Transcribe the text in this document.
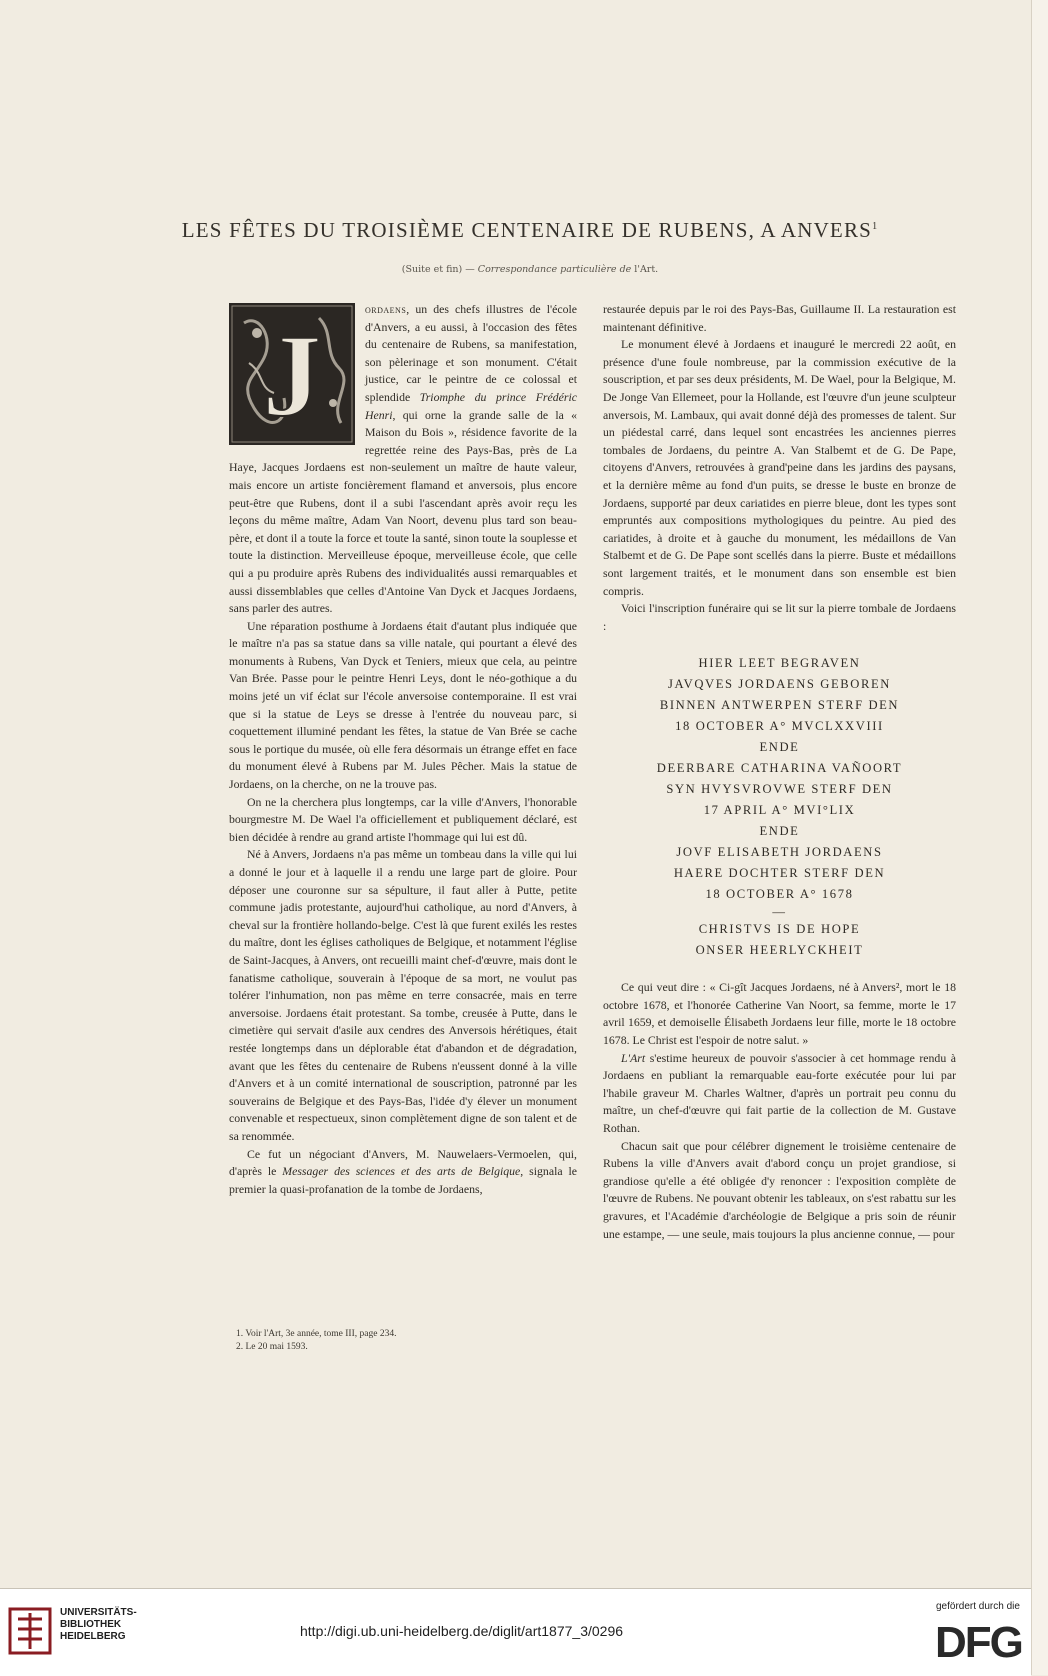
LES FÊTES DU TROISIÈME CENTENAIRE DE RUBENS, A ANVERS$^1$
(Suite et fin) — Correspondance particulière de l'Art.
J

ordaens, un des chefs illustres de l'école d'Anvers, a eu aussi, à l'occasion des fêtes du centenaire de Rubens, sa manifestation, son pèlerinage et son monument. C'était justice, car le peintre de ce colossal et splendide Triomphe du prince Frédéric Henri, qui orne la grande salle de la « Maison du Bois », résidence favorite de la regrettée reine des Pays-Bas, près de La Haye, Jacques Jordaens est non-seulement un maître de haute valeur, mais encore un artiste foncièrement flamand et anversois, plus encore peut-être que Rubens, dont il a subi l'ascendant après avoir reçu les leçons du même maître, Adam Van Noort, devenu plus tard son beau-père, et dont il a toute la force et toute la santé, sinon toute la souplesse et toute la distinction. Merveilleuse époque, merveilleuse école, que celle qui a pu produire après Rubens des individualités aussi remarquables et aussi dissemblables que celles d'Antoine Van Dyck et Jacques Jordaens, sans parler des autres.

Une réparation posthume à Jordaens était d'autant plus indiquée que le maître n'a pas sa statue dans sa ville natale, qui pourtant a élevé des monuments à Rubens, Van Dyck et Teniers, mieux que cela, au peintre Van Brée. Passe pour le peintre Henri Leys, dont le néo-gothique a du moins jeté un vif éclat sur l'école anversoise contemporaine. Il est vrai que si la statue de Leys se dresse à l'entrée du nouveau parc, si coquettement illuminé pendant les fêtes, la statue de Van Brée se cache sous le portique du musée, où elle fera désormais un étrange effet en face du monument élevé à Rubens par M. Jules Pêcher. Mais la statue de Jordaens, on la cherche, on ne la trouve pas.

On ne la cherchera plus longtemps, car la ville d'Anvers, l'honorable bourgmestre M. De Wael l'a officiellement et publiquement déclaré, est bien décidée à rendre au grand artiste l'hommage qui lui est dû.

Né à Anvers, Jordaens n'a pas même un tombeau dans la ville qui lui a donné le jour et à laquelle il a rendu une large part de gloire. Pour déposer une couronne sur sa sépulture, il faut aller à Putte, petite commune jadis protestante, aujourd'hui catholique, au nord d'Anvers, à cheval sur la frontière hollando-belge. C'est là que furent exilés les restes du maître, dont les églises catholiques de Belgique, et notamment l'église de Saint-Jacques, à Anvers, ont recueilli maint chef-d'œuvre, mais dont le fanatisme catholique, souverain à l'époque de sa mort, ne voulut pas tolérer l'inhumation, non pas même en terre consacrée, mais en terre anversoise. Jordaens était protestant. Sa tombe, creusée à Putte, dans le cimetière qui servait d'asile aux cendres des Anversois hérétiques, était restée longtemps dans un déplorable état d'abandon et de dégradation, avant que les fêtes du centenaire de Rubens n'eussent donné à la ville d'Anvers et à un comité international de souscription, patronné par les souverains de Belgique et des Pays-Bas, l'idée d'y élever un monument convenable et respectueux, sinon complètement digne de son talent et de sa renommée.

Ce fut un négociant d'Anvers, M. Nauwelaers-Vermoelen, qui, d'après le Messager des sciences et des arts de Belgique, signala le premier la quasi-profanation de la tombe de Jordaens,

restaurée depuis par le roi des Pays-Bas, Guillaume II. La restauration est maintenant définitive.

Le monument élevé à Jordaens et inauguré le mercredi 22 août, en présence d'une foule nombreuse, par la commission exécutive de la souscription, et par ses deux présidents, M. De Wael, pour la Belgique, M. De Jonge Van Ellemeet, pour la Hollande, est l'œuvre d'un jeune sculpteur anversois, M. Lambaux, qui avait donné déjà des promesses de talent. Sur un piédestal carré, dans lequel sont encastrées les anciennes pierres tombales de Jordaens, du peintre A. Van Stalbemt et de G. De Pape, citoyens d'Anvers, retrouvées à grand'peine dans les jardins des paysans, et la dernière même au fond d'un puits, se dresse le buste en bronze de Jordaens, supporté par deux cariatides en pierre bleue, dont les types sont empruntés aux compositions mythologiques du peintre. Au pied des cariatides, à droite et à gauche du monument, les médaillons de Van Stalbemt et de G. De Pape sont scellés dans la pierre. Buste et médaillons sont largement traités, et le monument dans son ensemble est bien compris.

Voici l'inscription funéraire qui se lit sur la pierre tombale de Jordaens :

HIER LEET BEGRAVEN
JAVQVES JORDAENS GEBOREN
BINNEN ANTWERPEN STERF DEN
18 OCTOBER A° MVCLXXVIII
ENDE
DEERBARE CATHARINA VAÑOORT
SYN HVYSVROVWE STERF DEN
17 APRIL A° MVI°LIX
ENDE
JOVF ELISABETH JORDAENS
HAERE DOCHTER STERF DEN
18 OCTOBER A° 1678
—
CHRISTVS IS DE HOPE
ONSER HEERLYCKHEIT

Ce qui veut dire : « Ci-gît Jacques Jordaens, né à Anvers², mort le 18 octobre 1678, et l'honorée Catherine Van Noort, sa femme, morte le 17 avril 1659, et demoiselle Élisabeth Jordaens leur fille, morte le 18 octobre 1678. Le Christ est l'espoir de notre salut. »

L'Art s'estime heureux de pouvoir s'associer à cet hommage rendu à Jordaens en publiant la remarquable eau-forte exécutée pour lui par l'habile graveur M. Charles Waltner, d'après un portrait peu connu du maître, un chef-d'œuvre qui fait partie de la collection de M. Gustave Rothan.

Chacun sait que pour célébrer dignement le troisième centenaire de Rubens la ville d'Anvers avait d'abord conçu un projet grandiose, si grandiose qu'elle a été obligée d'y renoncer : l'exposition complète de l'œuvre de Rubens. Ne pouvant obtenir les tableaux, on s'est rabattu sur les gravures, et l'Académie d'archéologie de Belgique a pris soin de réunir une estampe, — une seule, mais toujours la plus ancienne connue, — pour

1. Voir l'Art, 3e année, tome III, page 234.
2. Le 20 mai 1593.
UNIVERSITÄTS-
BIBLIOTHEK
HEIDELBERG	http://digi.ub.uni-heidelberg.de/diglit/art1877_3/0296
gefördert durch die
DFG
